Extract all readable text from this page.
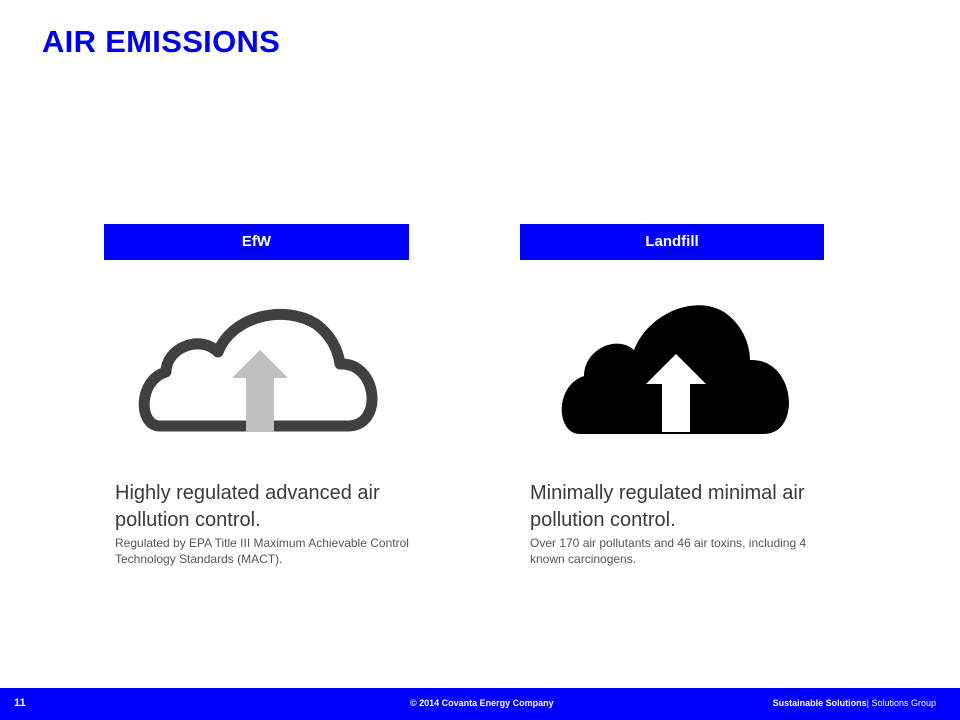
AIR EMISSIONS
EfW	Landfill
Highly regulated advanced air pollution control.
Regulated by EPA Title III Maximum Achievable Control Technology Standards (MACT).
Minimally regulated minimal air pollution control.
Over 170 air pollutants and 46 air toxins, including 4 known carcinogens.
11	© 2014 Covanta Energy Company	Sustainable Solutions| Solutions Group
